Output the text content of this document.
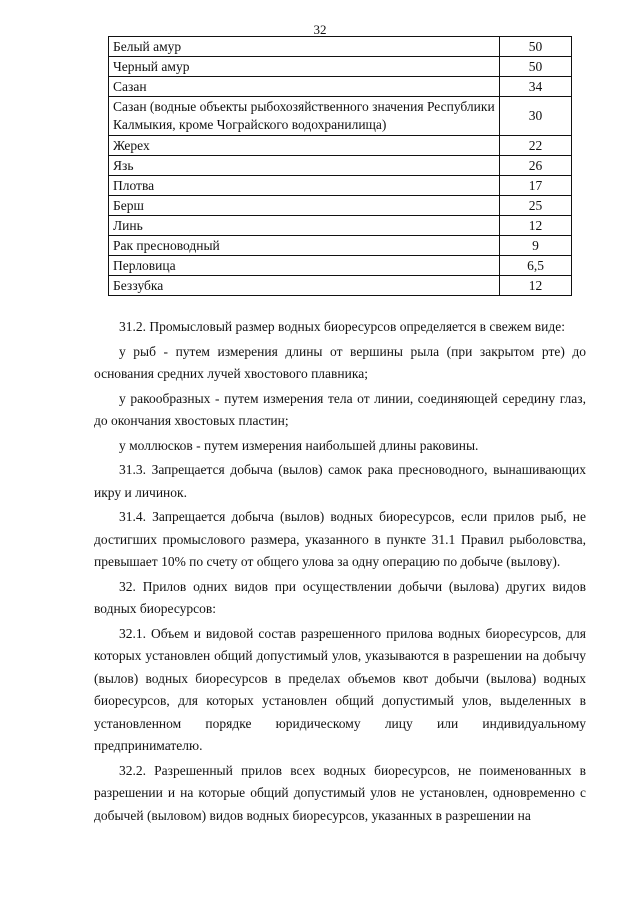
32
Белый амур	50
Черный амур	50
Сазан	34
Сазан (водные объекты рыбохозяйственного значения Республики Калмыкия, кроме Чограйского водохранилища)	30
Жерех	22
Язь	26
Плотва	17
Берш	25
Линь	12
Рак пресноводный	9
Перловица	6,5
Беззубка	12

31.2. Промысловый размер водных биоресурсов определяется в свежем виде:

у рыб - путем измерения длины от вершины рыла (при закрытом рте) до основания средних лучей хвостового плавника;

у ракообразных - путем измерения тела от линии, соединяющей середину глаз, до окончания хвостовых пластин;

у моллюсков - путем измерения наибольшей длины раковины.

31.3. Запрещается добыча (вылов) самок рака пресноводного, вынашивающих икру и личинок.

31.4. Запрещается добыча (вылов) водных биоресурсов, если прилов рыб, не достигших промыслового размера, указанного в пункте 31.1 Правил рыболовства, превышает 10% по счету от общего улова за одну операцию по добыче (вылову).

32. Прилов одних видов при осуществлении добычи (вылова) других видов водных биоресурсов:

32.1. Объем и видовой состав разрешенного прилова водных биоресурсов, для которых установлен общий допустимый улов, указываются в разрешении на добычу (вылов) водных биоресурсов в пределах объемов квот добычи (вылова) водных биоресурсов, для которых установлен общий допустимый улов, выделенных в установленном порядке юридическому лицу или индивидуальному предпринимателю.

32.2. Разрешенный прилов всех водных биоресурсов, не поименованных в разрешении и на которые общий допустимый улов не установлен, одновременно с добычей (выловом) видов водных биоресурсов, указанных в разрешении на
